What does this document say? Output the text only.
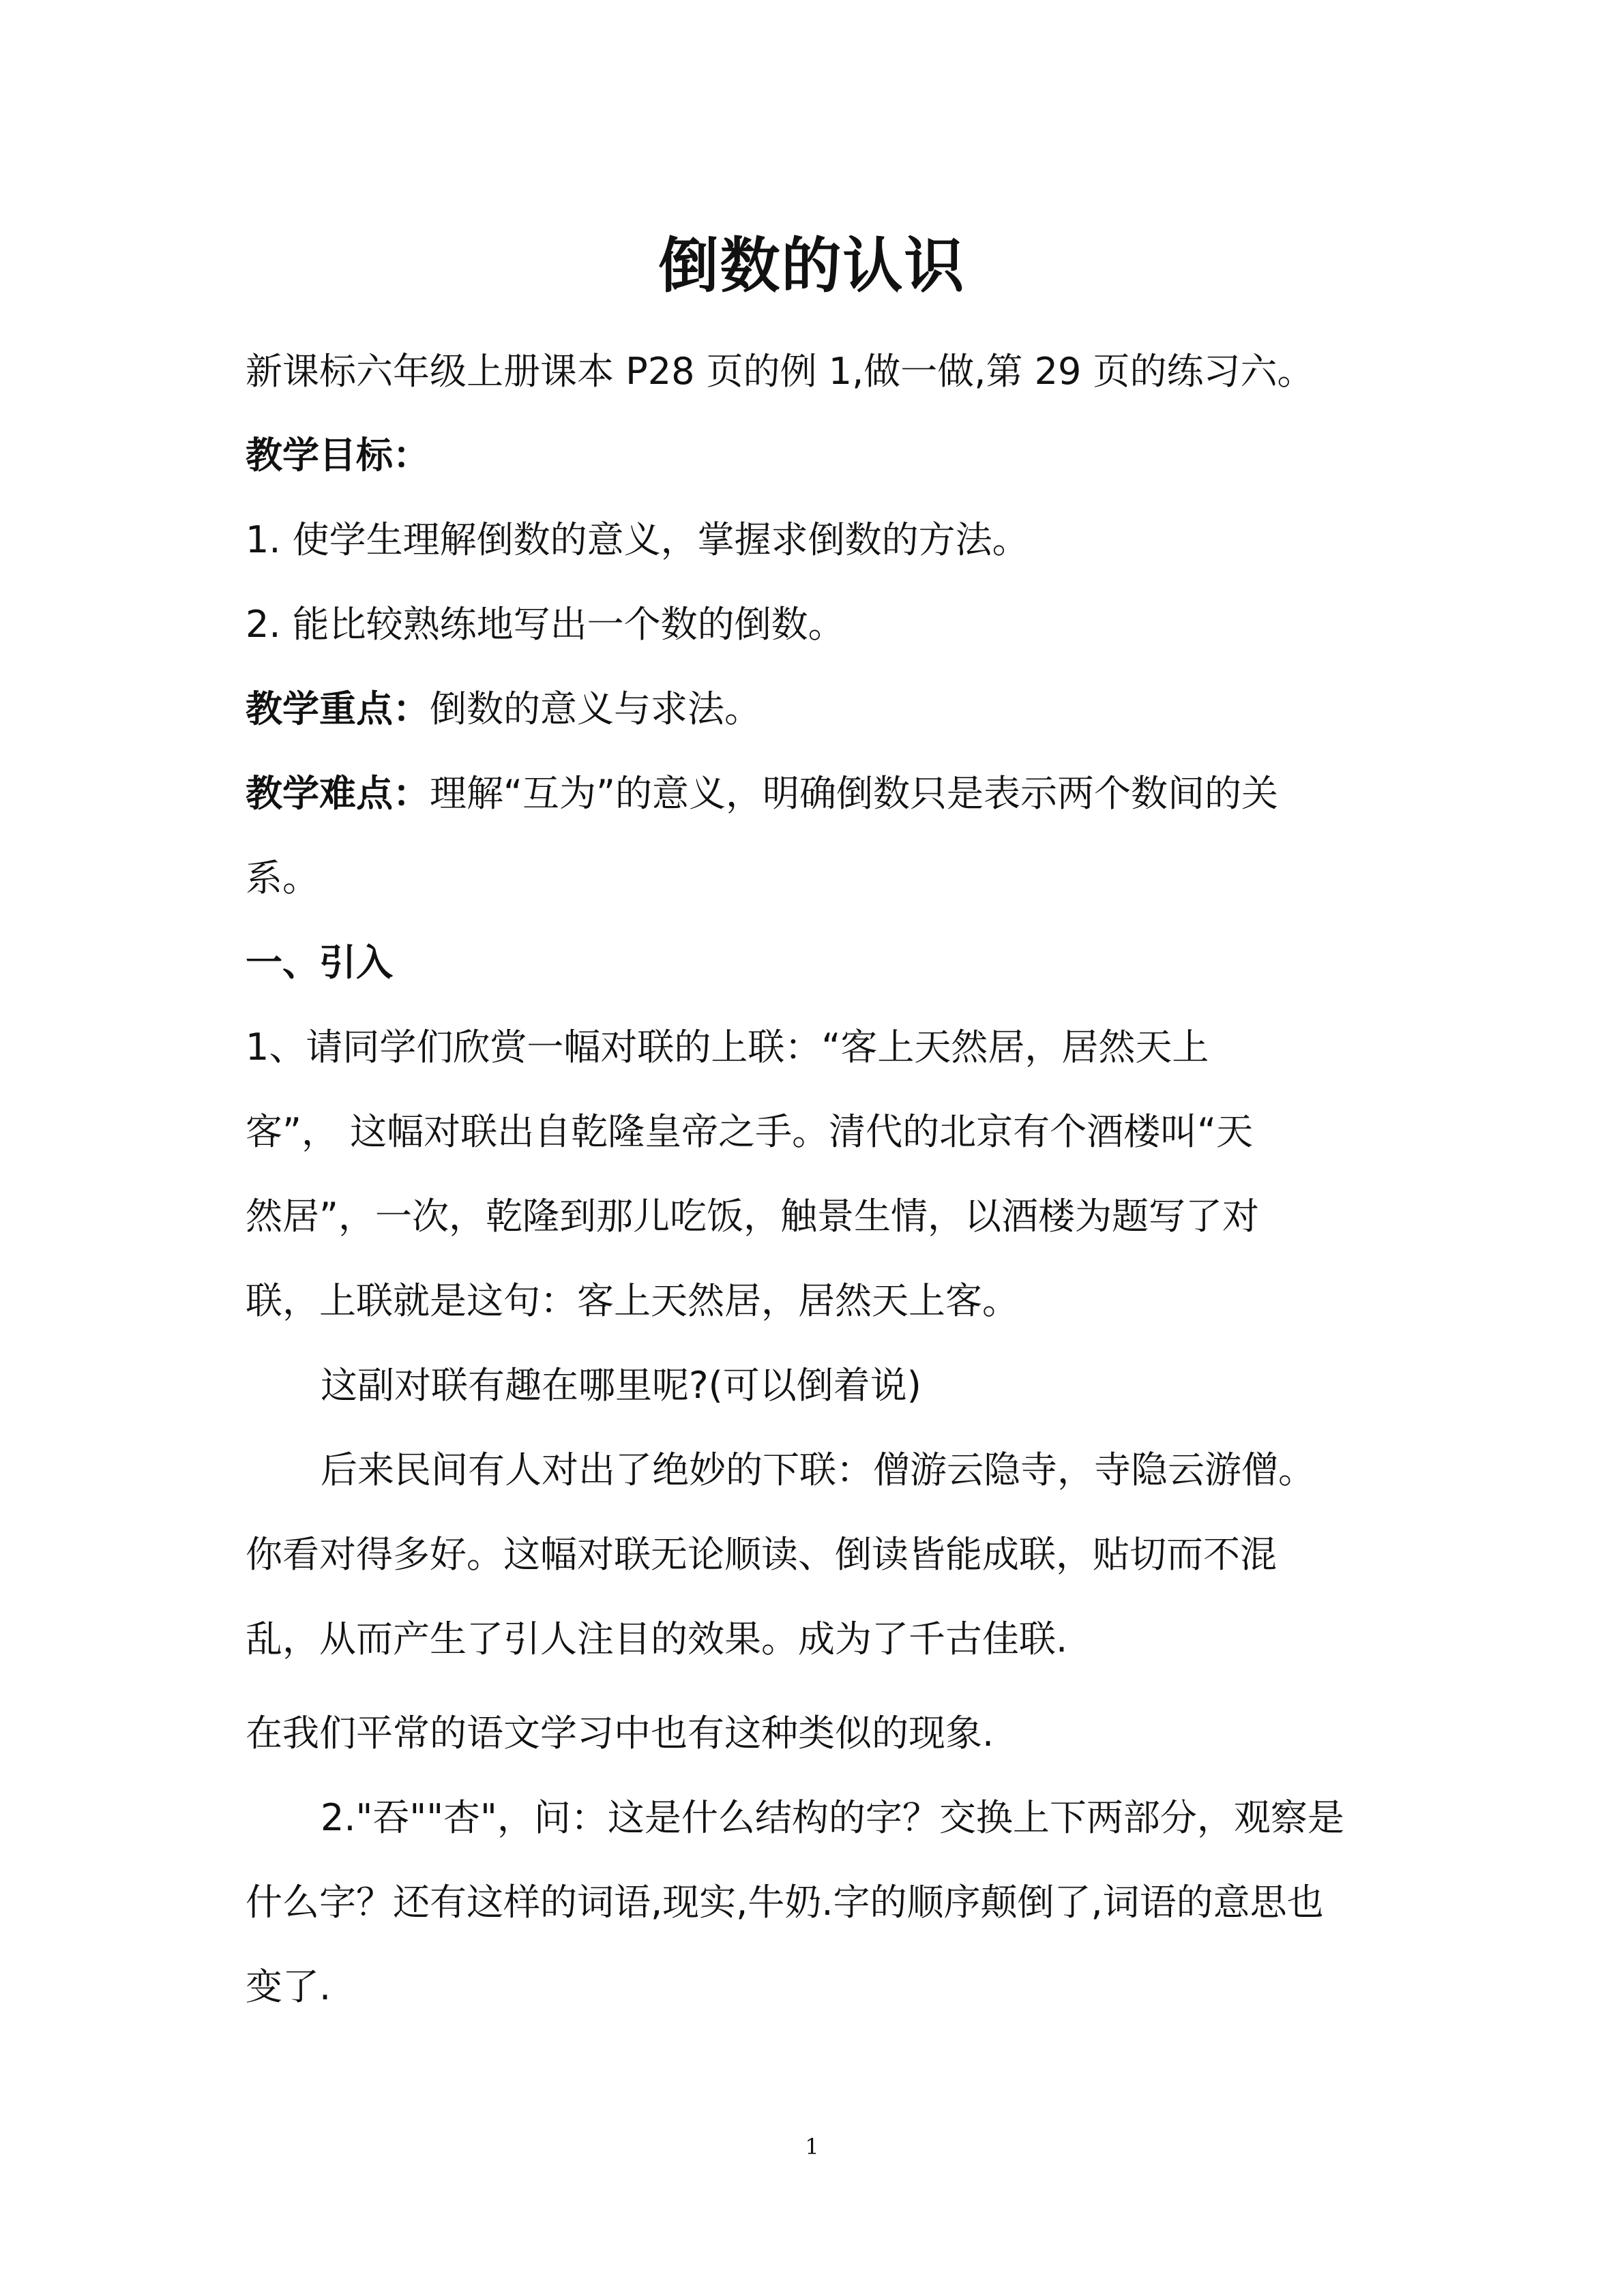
倒数的认识
新课标六年级上册课本 P28 页的例 1,做一做,第 29 页的练习六。
教学目标：
1. 使学生理解倒数的意义，掌握求倒数的方法。
2. 能比较熟练地写出一个数的倒数。
教学重点：倒数的意义与求法。
教学难点：理解“互为”的意义，明确倒数只是表示两个数间的关
系。
一、引入
1、请同学们欣赏一幅对联的上联：“客上天然居，居然天上
客”， 这幅对联出自乾隆皇帝之手。清代的北京有个酒楼叫“天
然居”，一次，乾隆到那儿吃饭，触景生情，以酒楼为题写了对
联，上联就是这句：客上天然居，居然天上客。
这副对联有趣在哪里呢?(可以倒着说)
后来民间有人对出了绝妙的下联：僧游云隐寺，寺隐云游僧。
你看对得多好。这幅对联无论顺读、倒读皆能成联，贴切而不混
乱，从而产生了引人注目的效果。成为了千古佳联.
在我们平常的语文学习中也有这种类似的现象.
2."吞""杏"，问：这是什么结构的字？交换上下两部分，观察是
什么字？还有这样的词语,现实,牛奶.字的顺序颠倒了,词语的意思也
变了.
1
